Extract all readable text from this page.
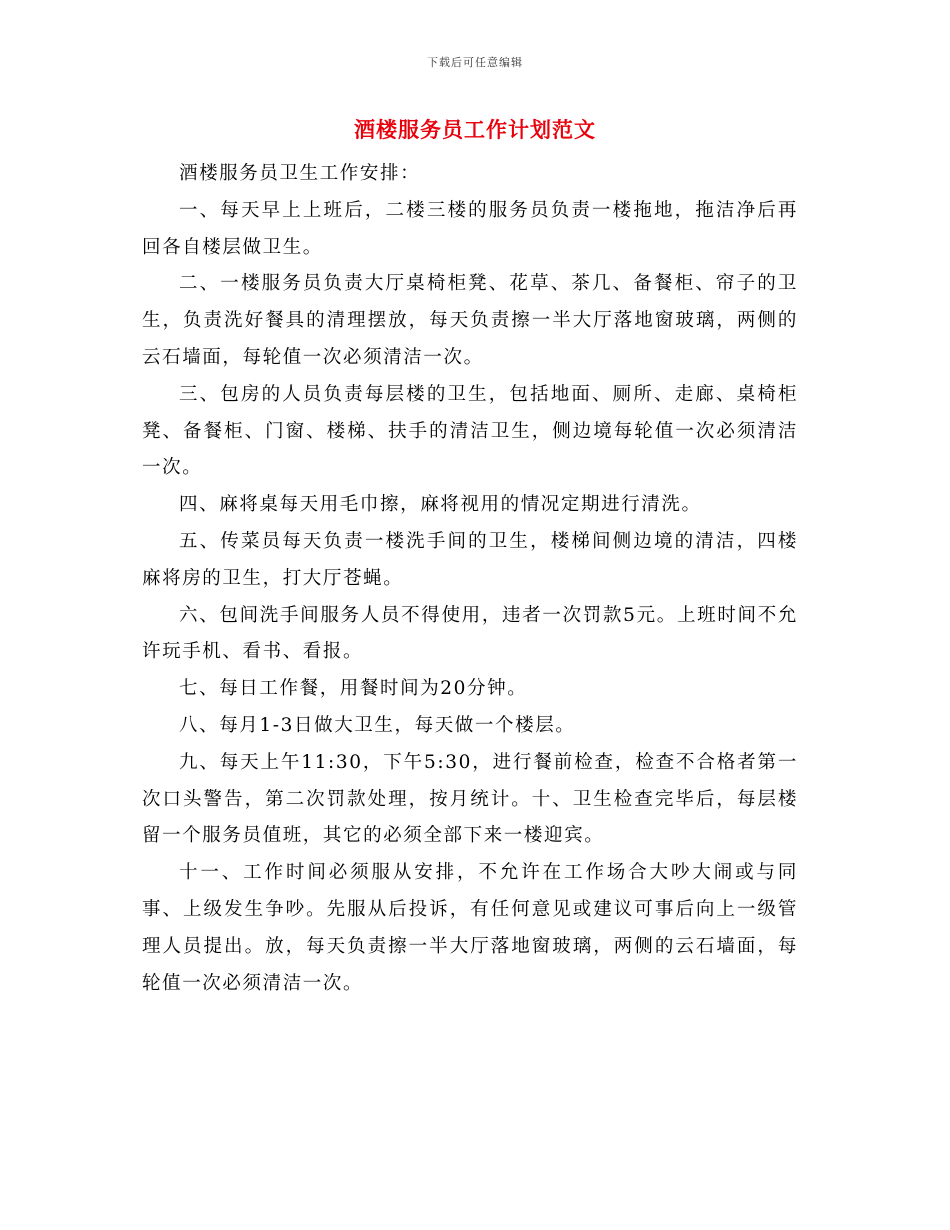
下载后可任意编辑
酒楼服务员工作计划范文

酒楼服务员卫生工作安排：

一、每天早上上班后，二楼三楼的服务员负责一楼拖地，拖洁净后再回各自楼层做卫生。

二、一楼服务员负责大厅桌椅柜凳、花草、茶几、备餐柜、帘子的卫生，负责洗好餐具的清理摆放，每天负责擦一半大厅落地窗玻璃，两侧的云石墙面，每轮值一次必须清洁一次。

三、包房的人员负责每层楼的卫生，包括地面、厕所、走廊、桌椅柜凳、备餐柜、门窗、楼梯、扶手的清洁卫生，侧边境每轮值一次必须清洁一次。

四、麻将桌每天用毛巾擦，麻将视用的情况定期进行清洗。

五、传菜员每天负责一楼洗手间的卫生，楼梯间侧边境的清洁，四楼麻将房的卫生，打大厅苍蝇。

六、包间洗手间服务人员不得使用，违者一次罚款5元。上班时间不允许玩手机、看书、看报。

七、每日工作餐，用餐时间为20分钟。

八、每月1-3日做大卫生，每天做一个楼层。

九、每天上午11:30，下午5:30，进行餐前检查，检查不合格者第一次口头警告，第二次罚款处理，按月统计。十、卫生检查完毕后，每层楼留一个服务员值班，其它的必须全部下来一楼迎宾。

十一、工作时间必须服从安排，不允许在工作场合大吵大闹或与同事、上级发生争吵。先服从后投诉，有任何意见或建议可事后向上一级管理人员提出。放，每天负责擦一半大厅落地窗玻璃，两侧的云石墙面，每轮值一次必须清洁一次。
